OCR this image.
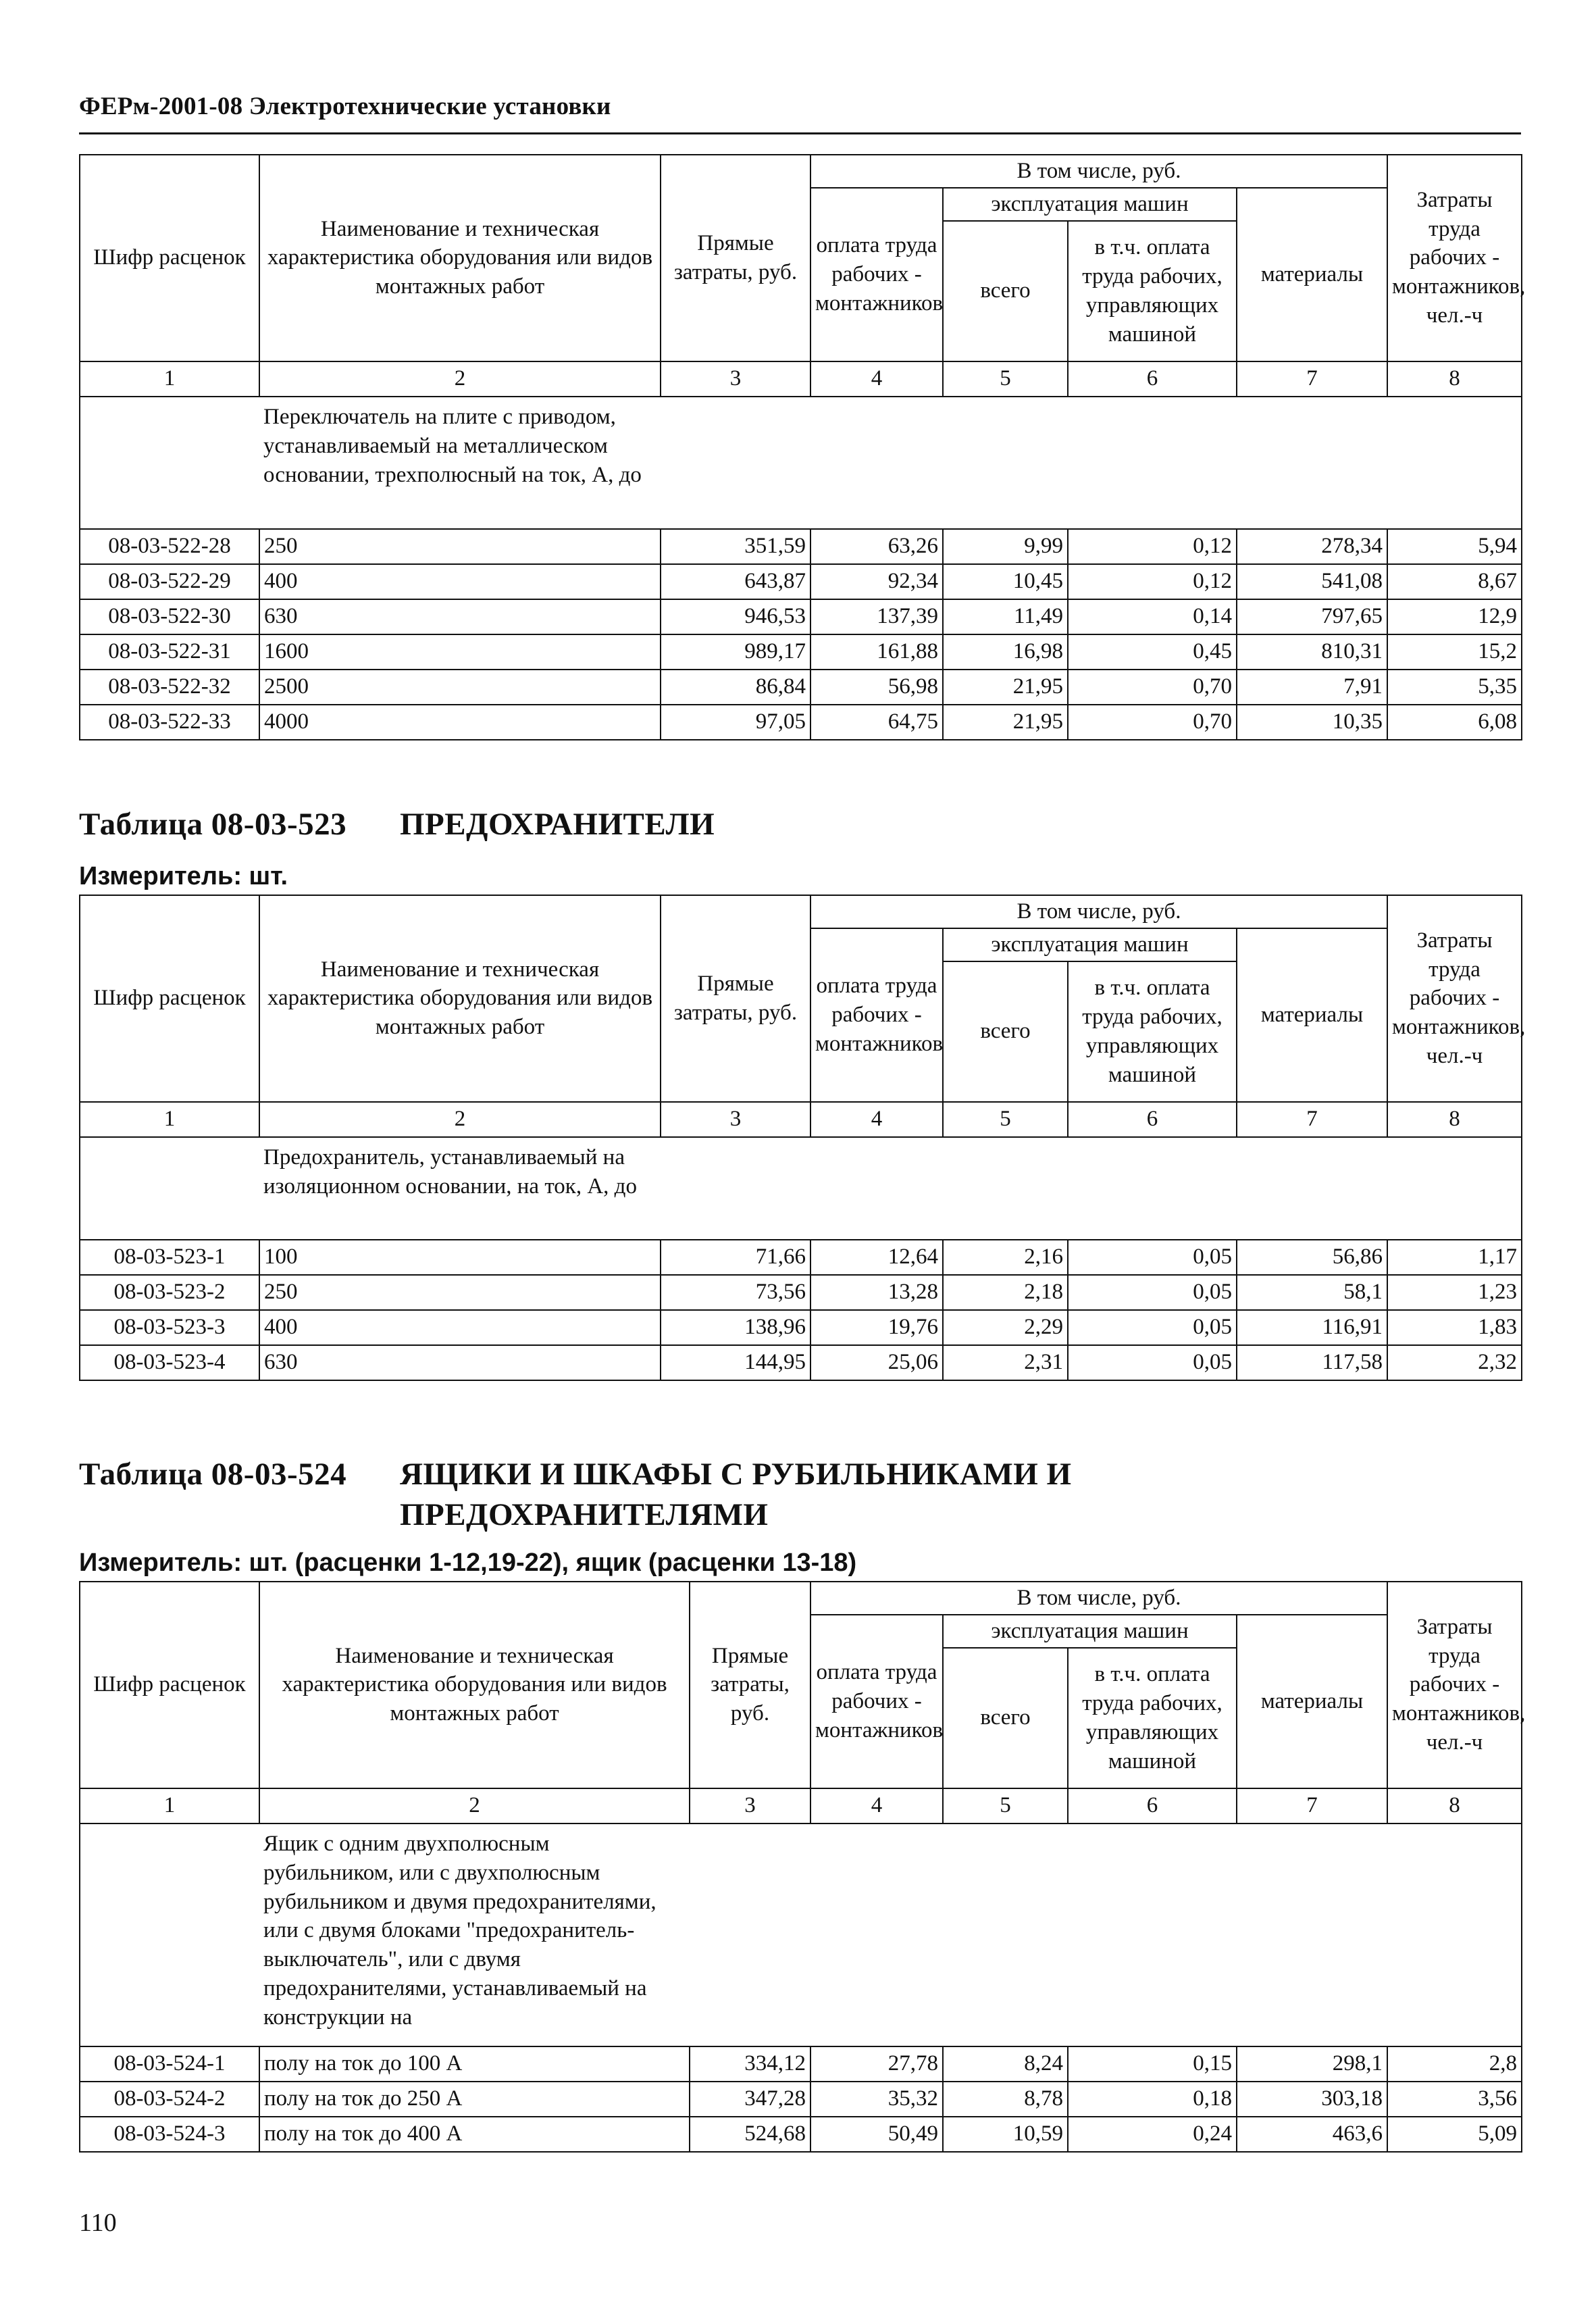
ФЕРм-2001-08 Электротехнические установки
Шифр расценок	Наименование и техническая характеристика оборудования или видов монтажных работ	Прямые затраты, руб.	В том числе, руб.				Затраты труда рабочих - монтажников, чел.-ч
			оплата труда рабочих - монтажников	эксплуатация машин		материалы	
				всего	в т.ч. оплата труда рабочих, управляющих машиной		

1	2	3	4	5	6	7	8

	Переключатель на плите с приводом, устанавливаемый на металлическом основании, трехполюсный на ток, А, до						

08-03-522-28	250	351,59	63,26	9,99	0,12	278,34	5,94
08-03-522-29	400	643,87	92,34	10,45	0,12	541,08	8,67
08-03-522-30	630	946,53	137,39	11,49	0,14	797,65	12,9
08-03-522-31	1600	989,17	161,88	16,98	0,45	810,31	15,2
08-03-522-32	2500	86,84	56,98	21,95	0,70	7,91	5,35
08-03-522-33	4000	97,05	64,75	21,95	0,70	10,35	6,08
Таблица 08-03-523 ПРЕДОХРАНИТЕЛИ
Измеритель: шт.
Шифр расценок	Наименование и техническая характеристика оборудования или видов монтажных работ	Прямые затраты, руб.	В том числе, руб.				Затраты труда рабочих - монтажников, чел.-ч
			оплата труда рабочих - монтажников	эксплуатация машин		материалы	
				всего	в т.ч. оплата труда рабочих, управляющих машиной		

1	2	3	4	5	6	7	8

	Предохранитель, устанавливаемый на изоляционном основании, на ток, А, до						

08-03-523-1	100	71,66	12,64	2,16	0,05	56,86	1,17
08-03-523-2	250	73,56	13,28	2,18	0,05	58,1	1,23
08-03-523-3	400	138,96	19,76	2,29	0,05	116,91	1,83
08-03-523-4	630	144,95	25,06	2,31	0,05	117,58	2,32
Таблица 08-03-524 ЯЩИКИ И ШКАФЫ С РУБИЛЬНИКАМИ И
ПРЕДОХРАНИТЕЛЯМИ
Измеритель: шт. (расценки 1-12,19-22), ящик (расценки 13-18)
Шифр расценок	Наименование и техническая характеристика оборудования или видов монтажных работ	Прямые затраты, руб.	В том числе, руб.				Затраты труда рабочих - монтажников, чел.-ч
			оплата труда рабочих - монтажников	эксплуатация машин		материалы	
				всего	в т.ч. оплата труда рабочих, управляющих машиной		

1	2	3	4	5	6	7	8

	Ящик с одним двухполюсным рубильником, или с двухполюсным рубильником и двумя предохранителями, или с двумя блоками "предохранитель-выключатель", или с двумя предохранителями, устанавливаемый на конструкции на						

08-03-524-1	полу на ток до 100 А	334,12	27,78	8,24	0,15	298,1	2,8
08-03-524-2	полу на ток до 250 А	347,28	35,32	8,78	0,18	303,18	3,56
08-03-524-3	полу на ток до 400 А	524,68	50,49	10,59	0,24	463,6	5,09
110
